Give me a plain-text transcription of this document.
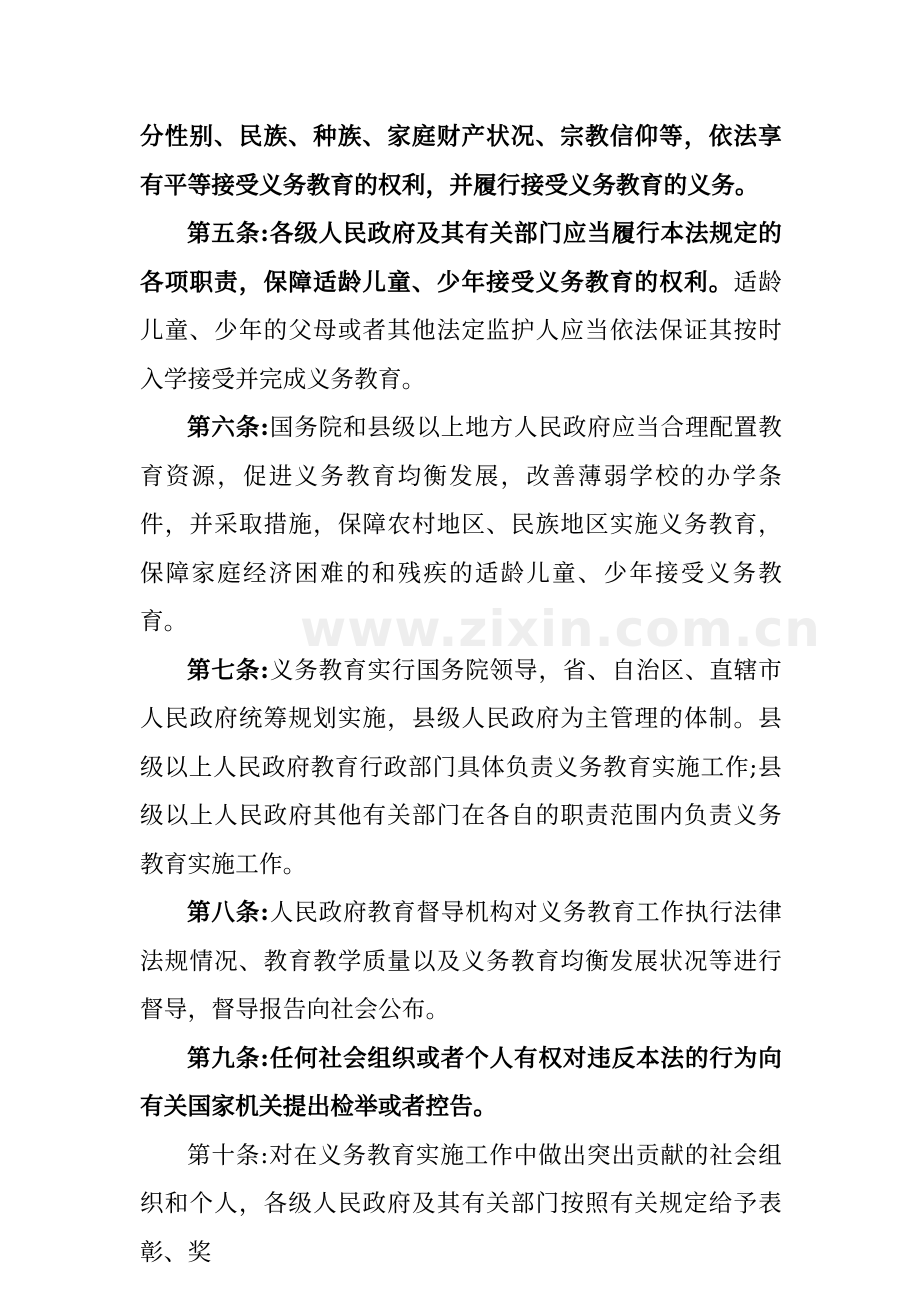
分性别、民族、种族、家庭财产状况、宗教信仰等，依法享有平等接受义务教育的权利，并履行接受义务教育的义务。

第五条:各级人民政府及其有关部门应当履行本法规定的各项职责，保障适龄儿童、少年接受义务教育的权利。适龄儿童、少年的父母或者其他法定监护人应当依法保证其按时入学接受并完成义务教育。

第六条:国务院和县级以上地方人民政府应当合理配置教育资源，促进义务教育均衡发展，改善薄弱学校的办学条件，并采取措施，保障农村地区、民族地区实施义务教育，保障家庭经济困难的和残疾的适龄儿童、少年接受义务教育。

第七条:义务教育实行国务院领导，省、自治区、直辖市人民政府统筹规划实施，县级人民政府为主管理的体制。县级以上人民政府教育行政部门具体负责义务教育实施工作;县级以上人民政府其他有关部门在各自的职责范围内负责义务教育实施工作。

第八条:人民政府教育督导机构对义务教育工作执行法律法规情况、教育教学质量以及义务教育均衡发展状况等进行督导，督导报告向社会公布。

第九条:任何社会组织或者个人有权对违反本法的行为向有关国家机关提出检举或者控告。

第十条:对在义务教育实施工作中做出突出贡献的社会组织和个人，各级人民政府及其有关部门按照有关规定给予表彰、奖

www.zixin.com.cn
